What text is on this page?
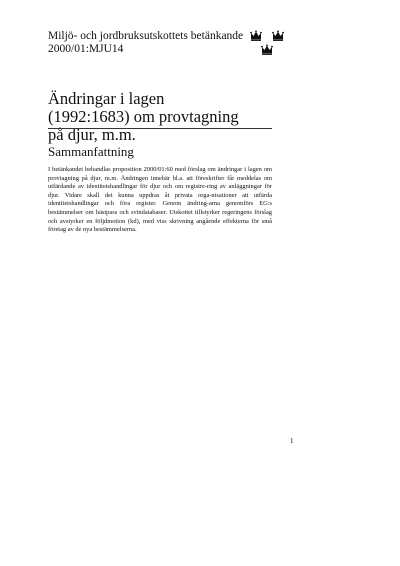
Miljö- och jordbruksutskottets betänkande
2000/01:MJU14
Ändringar i lagen (1992:1683) om provtagning på djur, m.m.
Sammanfattning
I betänkandet behandlas proposition 2000/01:60 med förslag om ändringar i lagen om provtagning på djur, m.m. Ändringen innebär bl.a. att föreskrifter får meddelas om utfärdande av identitetshandlingar för djur och om registre-ring av anläggningar för djur. Vidare skall det kunna uppdras åt privata orga-nisationer att utfärda identitetshandlingar och föra register. Genom ändring-arna genomförs EG:s bestämmelser om hästpass och svindatabaser. Utskottet tillstyrker regeringens förslag och avstyrker en följdmotion (kd), med viss skrivning angående effekterna för små företag av de nya bestämmelserna.
1
